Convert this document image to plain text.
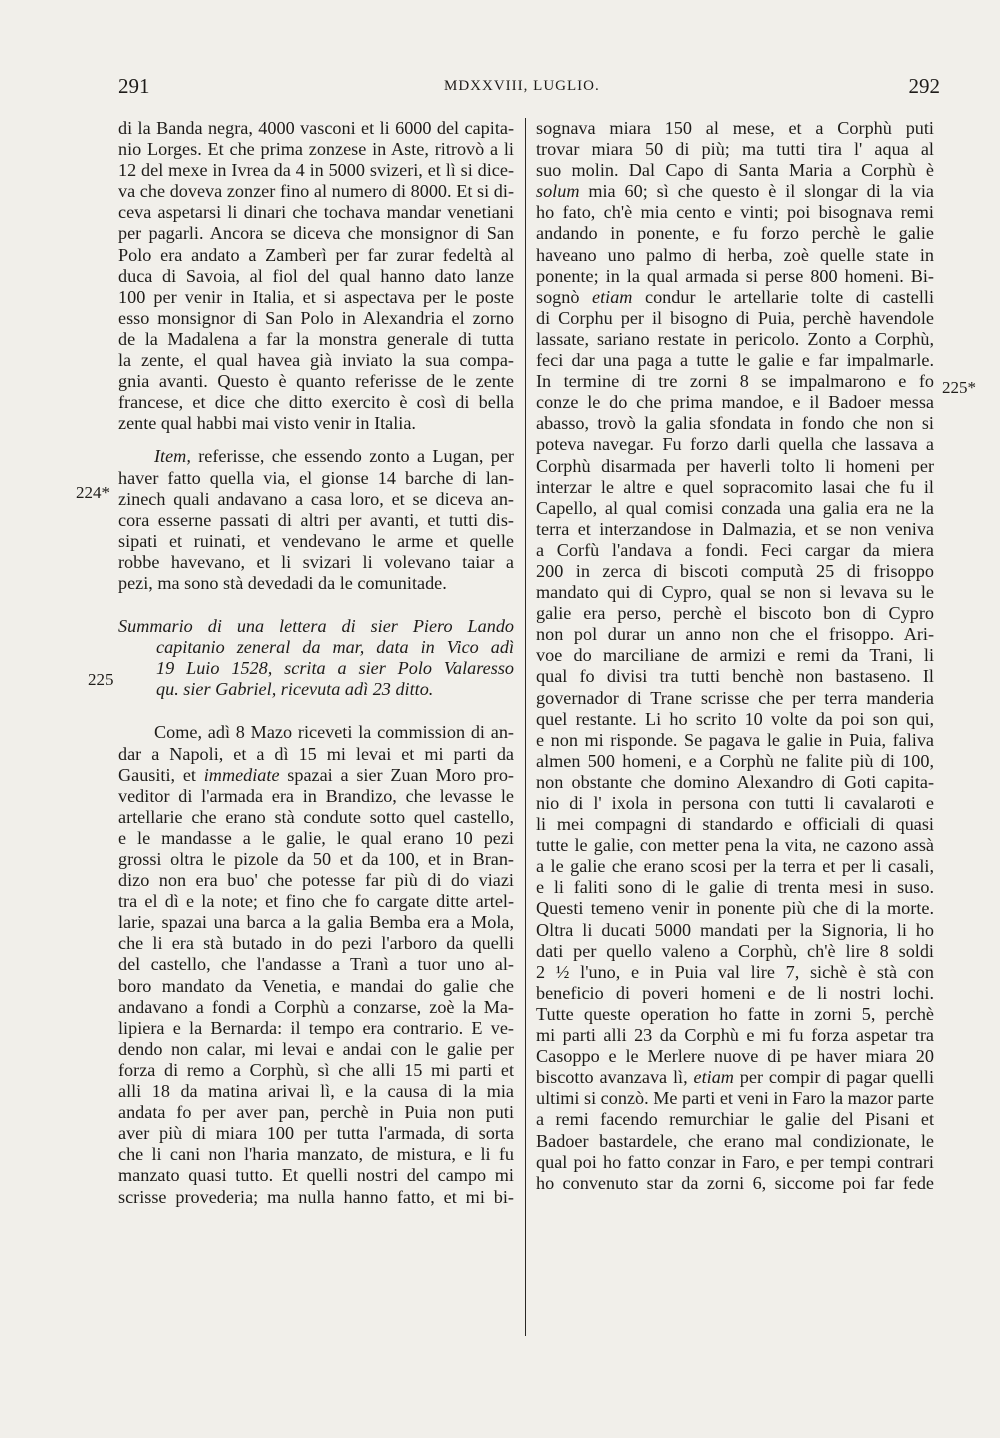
291	MDXXVIII, LUGLIO.	292
224*
225
225*
di la Banda negra, 4000 vasconi et li 6000 del capita-
nio Lorges. Et che prima zonzese in Aste, ritrovò a li
12 del mexe in Ivrea da 4 in 5000 svizeri, et lì si dice-
va che doveva zonzer fino al numero di 8000. Et si di-
ceva aspetarsi li dinari che tochava mandar venetiani
per pagarli. Ancora se diceva che monsignor di San
Polo era andato a Zamberì per far zurar fedeltà al
duca di Savoia, al fiol del qual hanno dato lanze
100 per venir in Italia, et si aspectava per le poste
esso monsignor di San Polo in Alexandria el zorno
de la Madalena a far la monstra generale di tutta
la zente, el qual havea già inviato la sua compa-
gnia avanti. Questo è quanto referisse de le zente
francese, et dice che ditto exercito è così di bella
zente qual habbi mai visto venir in Italia.
Item, referisse, che essendo zonto a Lugan, per
haver fatto quella via, el gionse 14 barche di lan-
zinech quali andavano a casa loro, et se diceva an-
cora esserne passati di altri per avanti, et tutti dis-
sipati et ruinati, et vendevano le arme et quelle
robbe havevano, et li svizari li volevano taiar a
pezi, ma sono stà devedadi da le comunitade.
Summario di una lettera di sier Piero Lando
capitanio zeneral da mar, data in Vico adì
19 Luio 1528, scrita a sier Polo Valaresso
qu. sier Gabriel, ricevuta adì 23 ditto.
Come, adì 8 Mazo riceveti la commission di an-
dar a Napoli, et a dì 15 mi levai et mi parti da
Gausiti, et immediate spazai a sier Zuan Moro pro-
veditor di l'armada era in Brandizo, che levasse le
artellarie che erano stà condute sotto quel castello,
e le mandasse a le galie, le qual erano 10 pezi
grossi oltra le pizole da 50 et da 100, et in Bran-
dizo non era buo' che potesse far più di do viazi
tra el dì e la note; et fino che fo cargate ditte artel-
larie, spazai una barca a la galia Bemba era a Mola,
che li era stà butado in do pezi l'arboro da quelli
del castello, che l'andasse a Tranì a tuor uno al-
boro mandato da Venetia, e mandai do galie che
andavano a fondi a Corphù a conzarse, zoè la Ma-
lipiera e la Bernarda: il tempo era contrario. E ve-
dendo non calar, mi levai e andai con le galie per
forza di remo a Corphù, sì che alli 15 mi parti et
alli 18 da matina arivai lì, e la causa di la mia
andata fo per aver pan, perchè in Puia non puti
aver più di miara 100 per tutta l'armada, di sorta
che li cani non l'haria manzato, de mistura, e li fu
manzato quasi tutto. Et quelli nostri del campo mi
scrisse provederia; ma nulla hanno fatto, et mi bi-
sognava miara 150 al mese, et a Corphù puti
trovar miara 50 di più; ma tutti tira l' aqua al
suo molin. Dal Capo di Santa Maria a Corphù è
solum mia 60; sì che questo è il slongar di la via
ho fato, ch'è mia cento e vinti; poi bisognava remi
andando in ponente, e fu forzo perchè le galie
haveano uno palmo di herba, zoè quelle state in
ponente; in la qual armada si perse 800 homeni. Bi-
sognò etiam condur le artellarie tolte di castelli
di Corphu per il bisogno di Puia, perchè havendole
lassate, sariano restate in pericolo. Zonto a Corphù,
feci dar una paga a tutte le galie e far impalmarle.
In termine di tre zorni 8 se impalmarono e fo
conze le do che prima mandoe, e il Badoer messa
abasso, trovò la galia sfondata in fondo che non si
poteva navegar. Fu forzo darli quella che lassava a
Corphù disarmada per haverli tolto li homeni per
interzar le altre e quel sopracomito lasai che fu il
Capello, al qual comisi conzada una galia era ne la
terra et interzandose in Dalmazia, et se non veniva
a Corfù l'andava a fondi. Feci cargar da miera
200 in zerca di biscoti computà 25 di frisoppo
mandato qui di Cypro, qual se non si levava su le
galie era perso, perchè el biscoto bon di Cypro
non pol durar un anno non che el frisoppo. Ari-
voe do marciliane de armizi e remi da Trani, li
qual fo divisi tra tutti benchè non bastaseno. Il
governador di Trane scrisse che per terra manderia
quel restante. Li ho scrito 10 volte da poi son qui,
e non mi risponde. Se pagava le galie in Puia, faliva
almen 500 homeni, e a Corphù ne falite più di 100,
non obstante che domino Alexandro di Goti capita-
nio di l' ixola in persona con tutti li cavalaroti e
li mei compagni di standardo e officiali di quasi
tutte le galie, con metter pena la vita, ne cazono assà
a le galie che erano scosi per la terra et per li casali,
e li faliti sono di le galie di trenta mesi in suso.
Questi temeno venir in ponente più che di la morte.
Oltra li ducati 5000 mandati per la Signoria, li ho
dati per quello valeno a Corphù, ch'è lire 8 soldi
2 ½ l'uno, e in Puia val lire 7, sichè è stà con
beneficio di poveri homeni e de li nostri lochi.
Tutte queste operation ho fatte in zorni 5, perchè
mi parti alli 23 da Corphù e mi fu forza aspetar tra
Casoppo e le Merlere nuove di pe haver miara 20
biscotto avanzava lì, etiam per compir di pagar quelli
ultimi si conzò. Me parti et veni in Faro la mazor parte
a remi facendo remurchiar le galie del Pisani et
Badoer bastardele, che erano mal condizionate, le
qual poi ho fatto conzar in Faro, e per tempi contrari
ho convenuto star da zorni 6, siccome poi far fede
